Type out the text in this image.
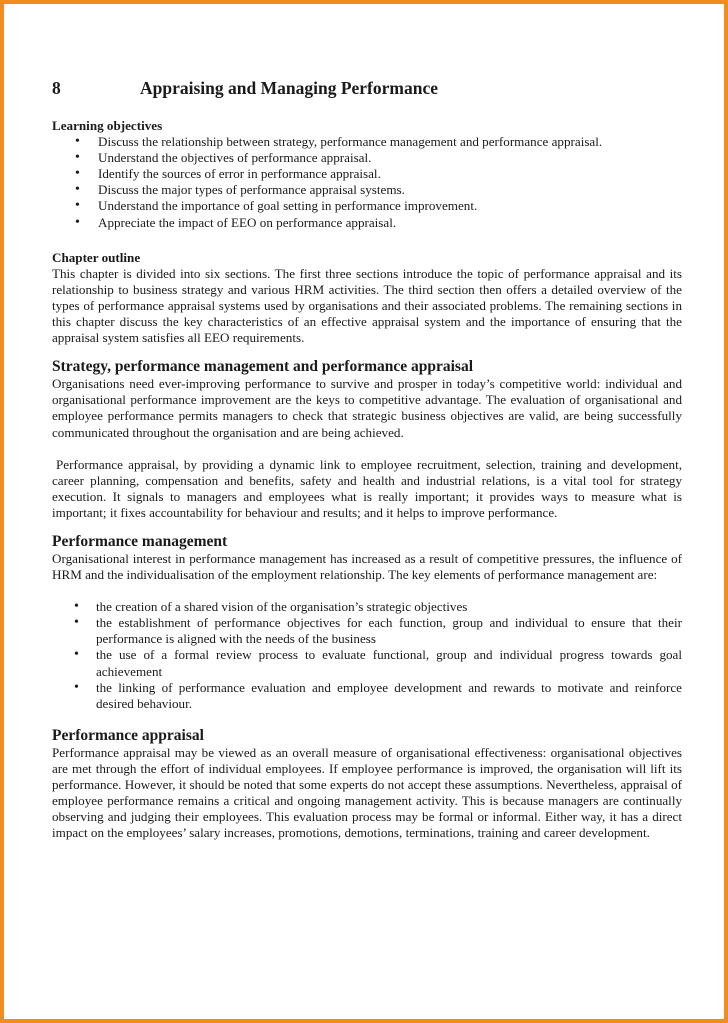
8	Appraising and Managing Performance
Learning objectives
• Discuss the relationship between strategy, performance management and performance appraisal.
• Understand the objectives of performance appraisal.
• Identify the sources of error in performance appraisal.
• Discuss the major types of performance appraisal systems.
• Understand the importance of goal setting in performance improvement.
• Appreciate the impact of EEO on performance appraisal.
Chapter outline

This chapter is divided into six sections. The first three sections introduce the topic of performance appraisal and its relationship to business strategy and various HRM activities. The third section then offers a detailed overview of the types of performance appraisal systems used by organisations and their associated problems. The remaining sections in this chapter discuss the key characteristics of an effective appraisal system and the importance of ensuring that the appraisal system satisfies all EEO requirements.

Strategy, performance management and performance appraisal

Organisations need ever-improving performance to survive and prosper in today’s competitive world: individual and organisational performance improvement are the keys to competitive advantage. The evaluation of organisational and employee performance permits managers to check that strategic business objectives are valid, are being successfully communicated throughout the organisation and are being achieved.

Performance appraisal, by providing a dynamic link to employee recruitment, selection, training and development, career planning, compensation and benefits, safety and health and industrial relations, is a vital tool for strategy execution. It signals to managers and employees what is really important; it provides ways to measure what is important; it fixes accountability for behaviour and results; and it helps to improve performance.

Performance management

Organisational interest in performance management has increased as a result of competitive pressures, the influence of HRM and the individualisation of the employment relationship. The key elements of performance management are:

• the creation of a shared vision of the organisation’s strategic objectives
• the establishment of performance objectives for each function, group and individual to ensure that their performance is aligned with the needs of the business
• the use of a formal review process to evaluate functional, group and individual progress towards goal achievement
• the linking of performance evaluation and employee development and rewards to motivate and reinforce desired behaviour.
Performance appraisal

Performance appraisal may be viewed as an overall measure of organisational effectiveness: organisational objectives are met through the effort of individual employees. If employee performance is improved, the organisation will lift its performance. However, it should be noted that some experts do not accept these assumptions. Nevertheless, appraisal of employee performance remains a critical and ongoing management activity. This is because managers are continually observing and judging their employees. This evaluation process may be formal or informal. Either way, it has a direct impact on the employees’ salary increases, promotions, demotions, terminations, training and career development.
